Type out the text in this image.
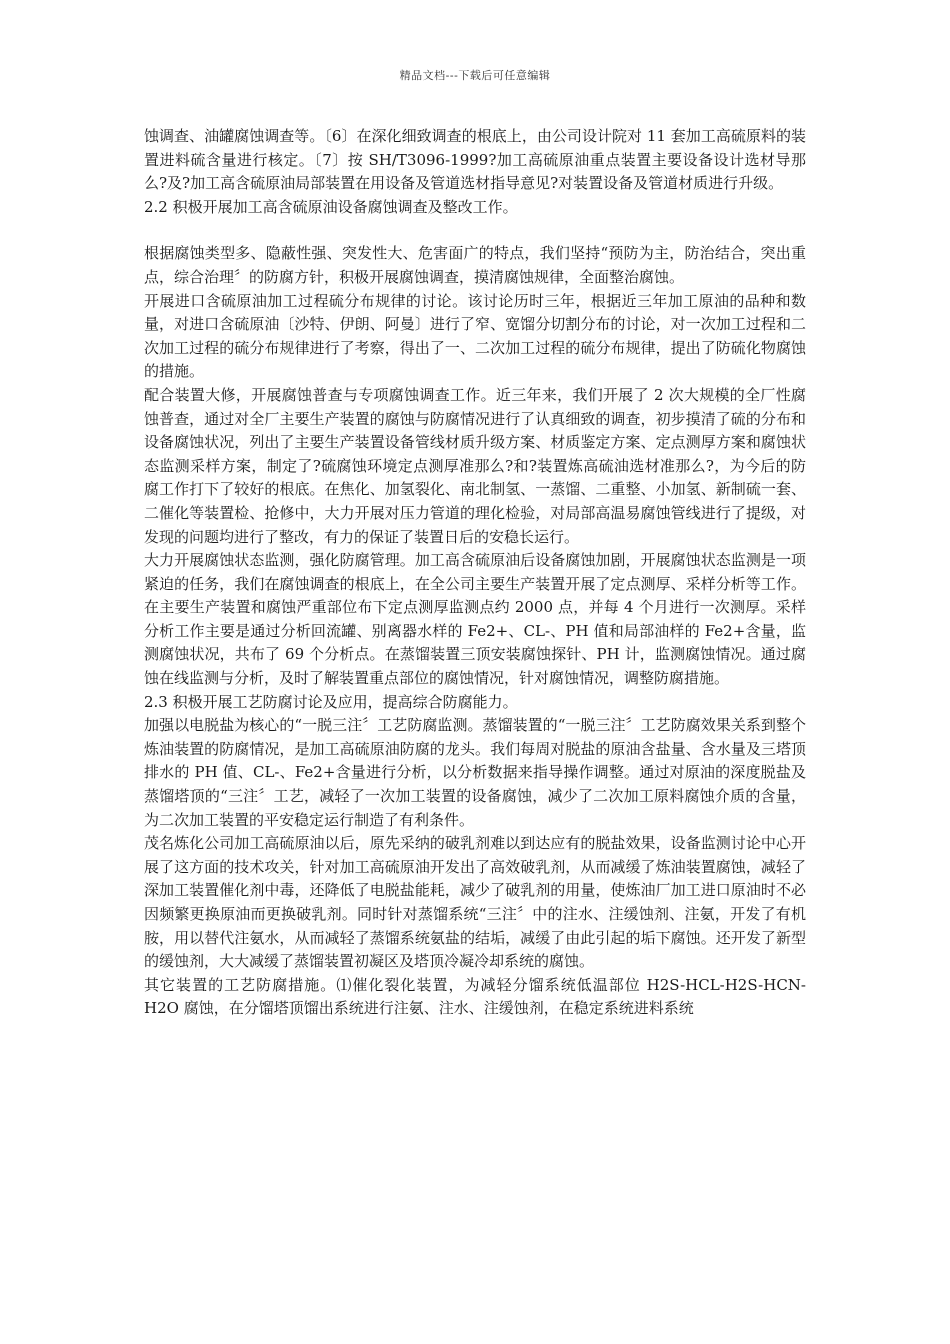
精品文档---下载后可任意编辑

蚀调查、油罐腐蚀调查等。〔6〕在深化细致调查的根底上，由公司设计院对 11 套加工高硫原料的装置进料硫含量进行核定。〔7〕按 SH/T3096-1999?加工高硫原油重点装置主要设备设计选材导那么?及?加工高含硫原油局部装置在用设备及管道选材指导意见?对装置设备及管道材质进行升级。

2.2 积极开展加工高含硫原油设备腐蚀调查及整改工作。

根据腐蚀类型多、隐蔽性强、突发性大、危害面广的特点，我们坚持“预防为主，防治结合，突出重点，综合治理〞的防腐方针，积极开展腐蚀调查，摸清腐蚀规律，全面整治腐蚀。

开展进口含硫原油加工过程硫分布规律的讨论。该讨论历时三年，根据近三年加工原油的品种和数量，对进口含硫原油〔沙特、伊朗、阿曼〕进行了窄、宽馏分切割分布的讨论，对一次加工过程和二次加工过程的硫分布规律进行了考察，得出了一、二次加工过程的硫分布规律，提出了防硫化物腐蚀的措施。

配合装置大修，开展腐蚀普查与专项腐蚀调查工作。近三年来，我们开展了 2 次大规模的全厂性腐蚀普查，通过对全厂主要生产装置的腐蚀与防腐情况进行了认真细致的调查，初步摸清了硫的分布和设备腐蚀状况，列出了主要生产装置设备管线材质升级方案、材质鉴定方案、定点测厚方案和腐蚀状态监测采样方案，制定了?硫腐蚀环境定点测厚准那么?和?装置炼高硫油选材准那么?，为今后的防腐工作打下了较好的根底。在焦化、加氢裂化、南北制氢、一蒸馏、二重整、小加氢、新制硫一套、二催化等装置检、抢修中，大力开展对压力管道的理化检验，对局部高温易腐蚀管线进行了提级，对发现的问题均进行了整改，有力的保证了装置日后的安稳长运行。

大力开展腐蚀状态监测，强化防腐管理。加工高含硫原油后设备腐蚀加剧，开展腐蚀状态监测是一项紧迫的任务，我们在腐蚀调查的根底上，在全公司主要生产装置开展了定点测厚、采样分析等工作。在主要生产装置和腐蚀严重部位布下定点测厚监测点约 2000 点，并每 4 个月进行一次测厚。采样分析工作主要是通过分析回流罐、别离器水样的 Fe2+、CL-、PH 值和局部油样的 Fe2+含量，监测腐蚀状况，共布了 69 个分析点。在蒸馏装置三顶安装腐蚀探针、PH 计，监测腐蚀情况。通过腐蚀在线监测与分析，及时了解装置重点部位的腐蚀情况，针对腐蚀情况，调整防腐措施。

2.3 积极开展工艺防腐讨论及应用，提高综合防腐能力。

加强以电脱盐为核心的“一脱三注〞工艺防腐监测。蒸馏装置的“一脱三注〞工艺防腐效果关系到整个炼油装置的防腐情况，是加工高硫原油防腐的龙头。我们每周对脱盐的原油含盐量、含水量及三塔顶排水的 PH 值、CL-、Fe2+含量进行分析，以分析数据来指导操作调整。通过对原油的深度脱盐及蒸馏塔顶的“三注〞工艺，减轻了一次加工装置的设备腐蚀，减少了二次加工原料腐蚀介质的含量，为二次加工装置的平安稳定运行制造了有利条件。

茂名炼化公司加工高硫原油以后，原先采纳的破乳剂难以到达应有的脱盐效果，设备监测讨论中心开展了这方面的技术攻关，针对加工高硫原油开发出了高效破乳剂，从而减缓了炼油装置腐蚀，减轻了深加工装置催化剂中毒，还降低了电脱盐能耗，减少了破乳剂的用量，使炼油厂加工进口原油时不必因频繁更换原油而更换破乳剂。同时针对蒸馏系统“三注〞中的注水、注缓蚀剂、注氨，开发了有机胺，用以替代注氨水，从而减轻了蒸馏系统氨盐的结垢，减缓了由此引起的垢下腐蚀。还开发了新型的缓蚀剂，大大减缓了蒸馏装置初凝区及塔顶冷凝冷却系统的腐蚀。

其它装置的工艺防腐措施。⑴催化裂化装置，为减轻分馏系统低温部位 H2S-HCL-H2S-HCN-H2O 腐蚀，在分馏塔顶馏出系统进行注氨、注水、注缓蚀剂，在稳定系统进料系统
